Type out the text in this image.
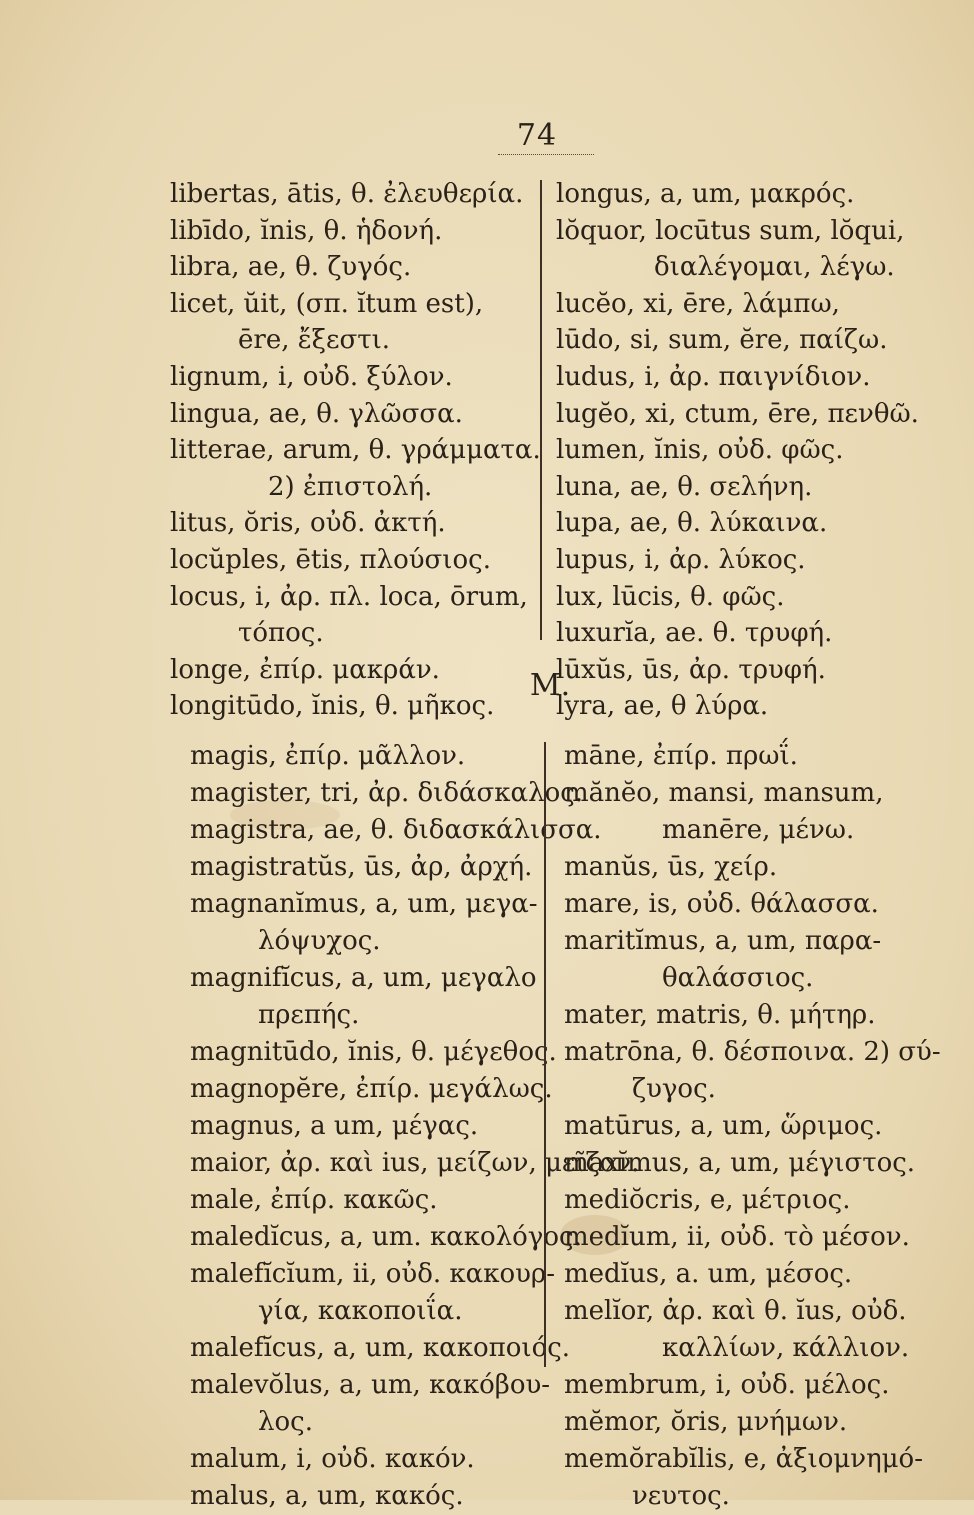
74
libertas, ātis, θ. ἐλευθερία.
libīdo, ĭnis, θ. ἡδονή.
libra, ae, θ. ζυγός.
licet, ŭit, (σπ. ĭtum est),
ēre, ἔξεστι.
lignum, i, οὐδ. ξύλον.
lingua, ae, θ. γλῶσσα.
litterae, arum, θ. γράμματα.
2) ἐπιστολή.
litus, ŏris, οὐδ. ἀκτή.
locŭples, ētis, πλούσιος.
locus, i, ἀρ. πλ. loca, ōrum,
τόπος.
longe, ἐπίρ. μακράν.
longitūdo, ĭnis, θ. μῆκος.
longus, a, um, μακρός.
lŏquor, locūtus sum, lŏqui,
διαλέγομαι, λέγω.
lucĕo, xi, ēre, λάμπω,
lūdo, si, sum, ĕre, παίζω.
ludus, i, ἀρ. παιγνίδιον.
lugĕo, xi, ctum, ēre, πενθῶ.
lumen, ĭnis, οὐδ. φῶς.
luna, ae, θ. σελήνη.
lupa, ae, θ. λύκαινα.
lupus, i, ἀρ. λύκος.
lux, lūcis, θ. φῶς.
luxurĭa, ae. θ. τρυφή.
lūxŭs, ūs, ἀρ. τρυφή.
lyra, ae, θ λύρα.
M.
magis, ἐπίρ. μᾶλλον.
magister, tri, ἀρ. διδάσκαλος.
magistra, ae, θ. διδασκάλισσα.
magistratŭs, ūs, ἀρ, ἀρχή.
magnanĭmus, a, um, μεγα-
λόψυχος.
magnifĭcus, a, um, μεγαλο
πρεπής.
magnitūdo, ĭnis, θ. μέγεθος.
magnopĕre, ἐπίρ. μεγάλως.
magnus, a um, μέγας.
maior, ἀρ. καὶ ius, μείζων, μεῖζον.
male, ἐπίρ. κακῶς.
maledĭcus, a, um. κακολόγος.
malefĭcĭum, ii, οὐδ. κακουρ-
γία, κακοποιΐα.
malefĭcus, a, um, κακοποιός.
malevŏlus, a, um, κακόβου-
λος.
malum, i, οὐδ. κακόν.
malus, a, um, κακός.
māne, ἐπίρ. πρωΐ.
mănĕo, mansi, mansum,
manēre, μένω.
manŭs, ūs, χείρ.
mare, is, οὐδ. θάλασσα.
maritĭmus, a, um, παρα-
θαλάσσιος.
mater, matris, θ. μήτηρ.
matrōna, θ. δέσποινα. 2) σύ-
ζυγος.
matūrus, a, um, ὥριμος.
maxĭmus, a, um, μέγιστος.
mediŏcris, e, μέτριος.
medĭum, ii, οὐδ. τὸ μέσον.
medĭus, a. um, μέσος.
melĭor, ἀρ. καὶ θ. ĭus, οὐδ.
καλλίων, κάλλιον.
membrum, i, οὐδ. μέλος.
mĕmor, ŏris, μνήμων.
memŏrabĭlis, e, ἀξιομνημό-
νευτος.
